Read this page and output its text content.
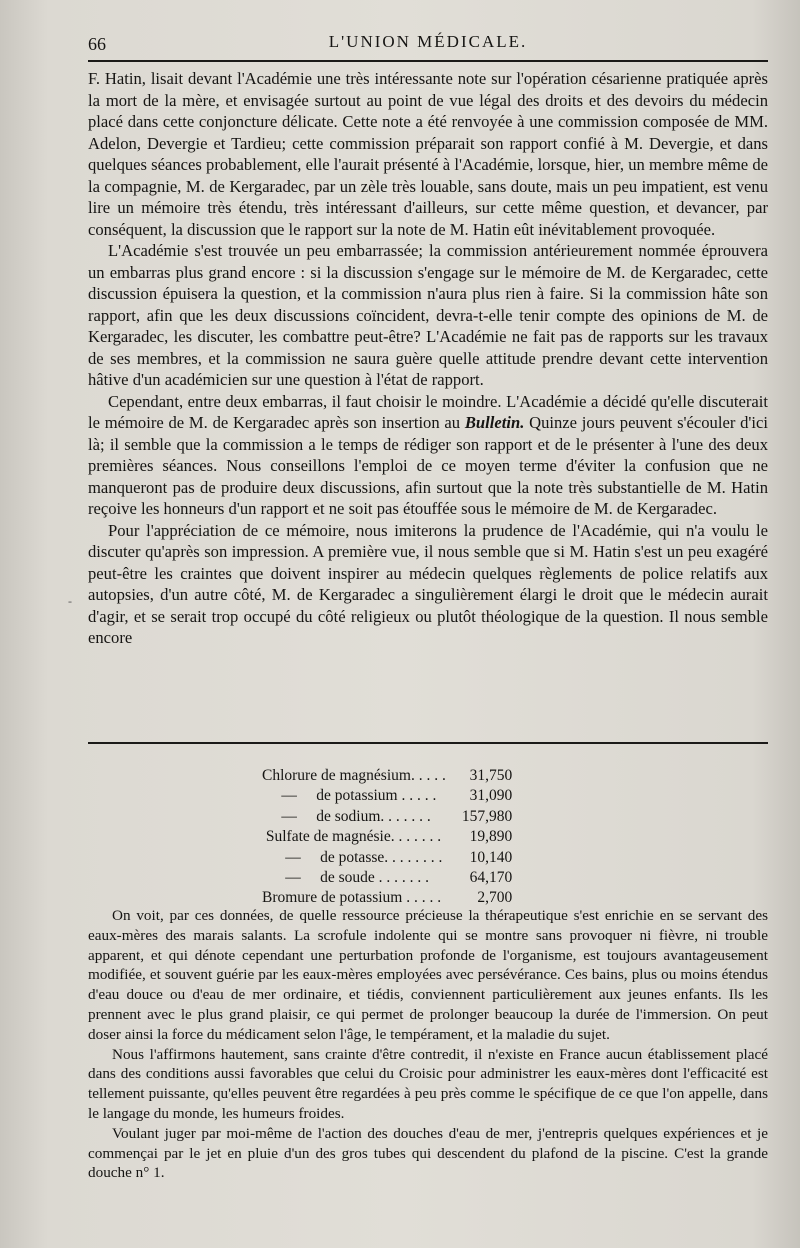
66	L'UNION MÉDICALE.

F. Hatin, lisait devant l'Académie une très intéressante note sur l'opération césarienne pratiquée après la mort de la mère, et envisagée surtout au point de vue légal des droits et des devoirs du médecin placé dans cette conjoncture délicate. Cette note a été renvoyée à une commission composée de MM. Adelon, Devergie et Tardieu; cette commission préparait son rapport confié à M. Devergie, et dans quelques séances probablement, elle l'aurait présenté à l'Académie, lorsque, hier, un membre même de la compagnie, M. de Kergaradec, par un zèle très louable, sans doute, mais un peu impatient, est venu lire un mémoire très étendu, très intéressant d'ailleurs, sur cette même question, et devancer, par conséquent, la discussion que le rapport sur la note de M. Hatin eût inévitablement provoquée.

L'Académie s'est trouvée un peu embarrassée; la commission antérieurement nommée éprouvera un embarras plus grand encore : si la discussion s'engage sur le mémoire de M. de Kergaradec, cette discussion épuisera la question, et la commission n'aura plus rien à faire. Si la commission hâte son rapport, afin que les deux discussions coïncident, devra-t-elle tenir compte des opinions de M. de Kergaradec, les discuter, les combattre peut-être? L'Académie ne fait pas de rapports sur les travaux de ses membres, et la commission ne saura guère quelle attitude prendre devant cette intervention hâtive d'un académicien sur une question à l'état de rapport.

Cependant, entre deux embarras, il faut choisir le moindre. L'Académie a décidé qu'elle discuterait le mémoire de M. de Kergaradec après son insertion au Bulletin. Quinze jours peuvent s'écouler d'ici là; il semble que la commission a le temps de rédiger son rapport et de le présenter à l'une des deux premières séances. Nous conseillons l'emploi de ce moyen terme d'éviter la confusion que ne manqueront pas de produire deux discussions, afin surtout que la note très substantielle de M. Hatin reçoive les honneurs d'un rapport et ne soit pas étouffée sous le mémoire de M. de Kergaradec.

Pour l'appréciation de ce mémoire, nous imiterons la prudence de l'Académie, qui n'a voulu le discuter qu'après son impression. A première vue, il nous semble que si M. Hatin s'est un peu exagéré peut-être les craintes que doivent inspirer au médecin quelques règlements de police relatifs aux autopsies, d'un autre côté, M. de Kergaradec a singulièrement élargi le droit que le médecin aurait d'agir, et se serait trop occupé du côté religieux ou plutôt théologique de la question. Il nous semble encore

-
Chlorure de magnésium. . . . .	31,750
—     de potassium . . . . .	31,090
—     de sodium. . . . . . .	157,980
Sulfate de magnésie. . . . . . .	19,890
—     de potasse. . . . . . . .	10,140
—     de soude . . . . . . .	64,170
Bromure de potassium . . . . .	2,700

On voit, par ces données, de quelle ressource précieuse la thérapeutique s'est enrichie en se servant des eaux-mères des marais salants. La scrofule indolente qui se montre sans provoquer ni fièvre, ni trouble apparent, et qui dénote cependant une perturbation profonde de l'organisme, est toujours avantageusement modifiée, et souvent guérie par les eaux-mères employées avec persévérance. Ces bains, plus ou moins étendus d'eau douce ou d'eau de mer ordinaire, et tiédis, conviennent particulièrement aux jeunes enfants. Ils les prennent avec le plus grand plaisir, ce qui permet de prolonger beaucoup la durée de l'immersion. On peut doser ainsi la force du médicament selon l'âge, le tempérament, et la maladie du sujet.

Nous l'affirmons hautement, sans crainte d'être contredit, il n'existe en France aucun établissement placé dans des conditions aussi favorables que celui du Croisic pour administrer les eaux-mères dont l'efficacité est tellement puissante, qu'elles peuvent être regardées à peu près comme le spécifique de ce que l'on appelle, dans le langage du monde, les humeurs froides.

Voulant juger par moi-même de l'action des douches d'eau de mer, j'entrepris quelques expériences et je commençai par le jet en pluie d'un des gros tubes qui descendent du plafond de la piscine. C'est la grande douche n° 1.
